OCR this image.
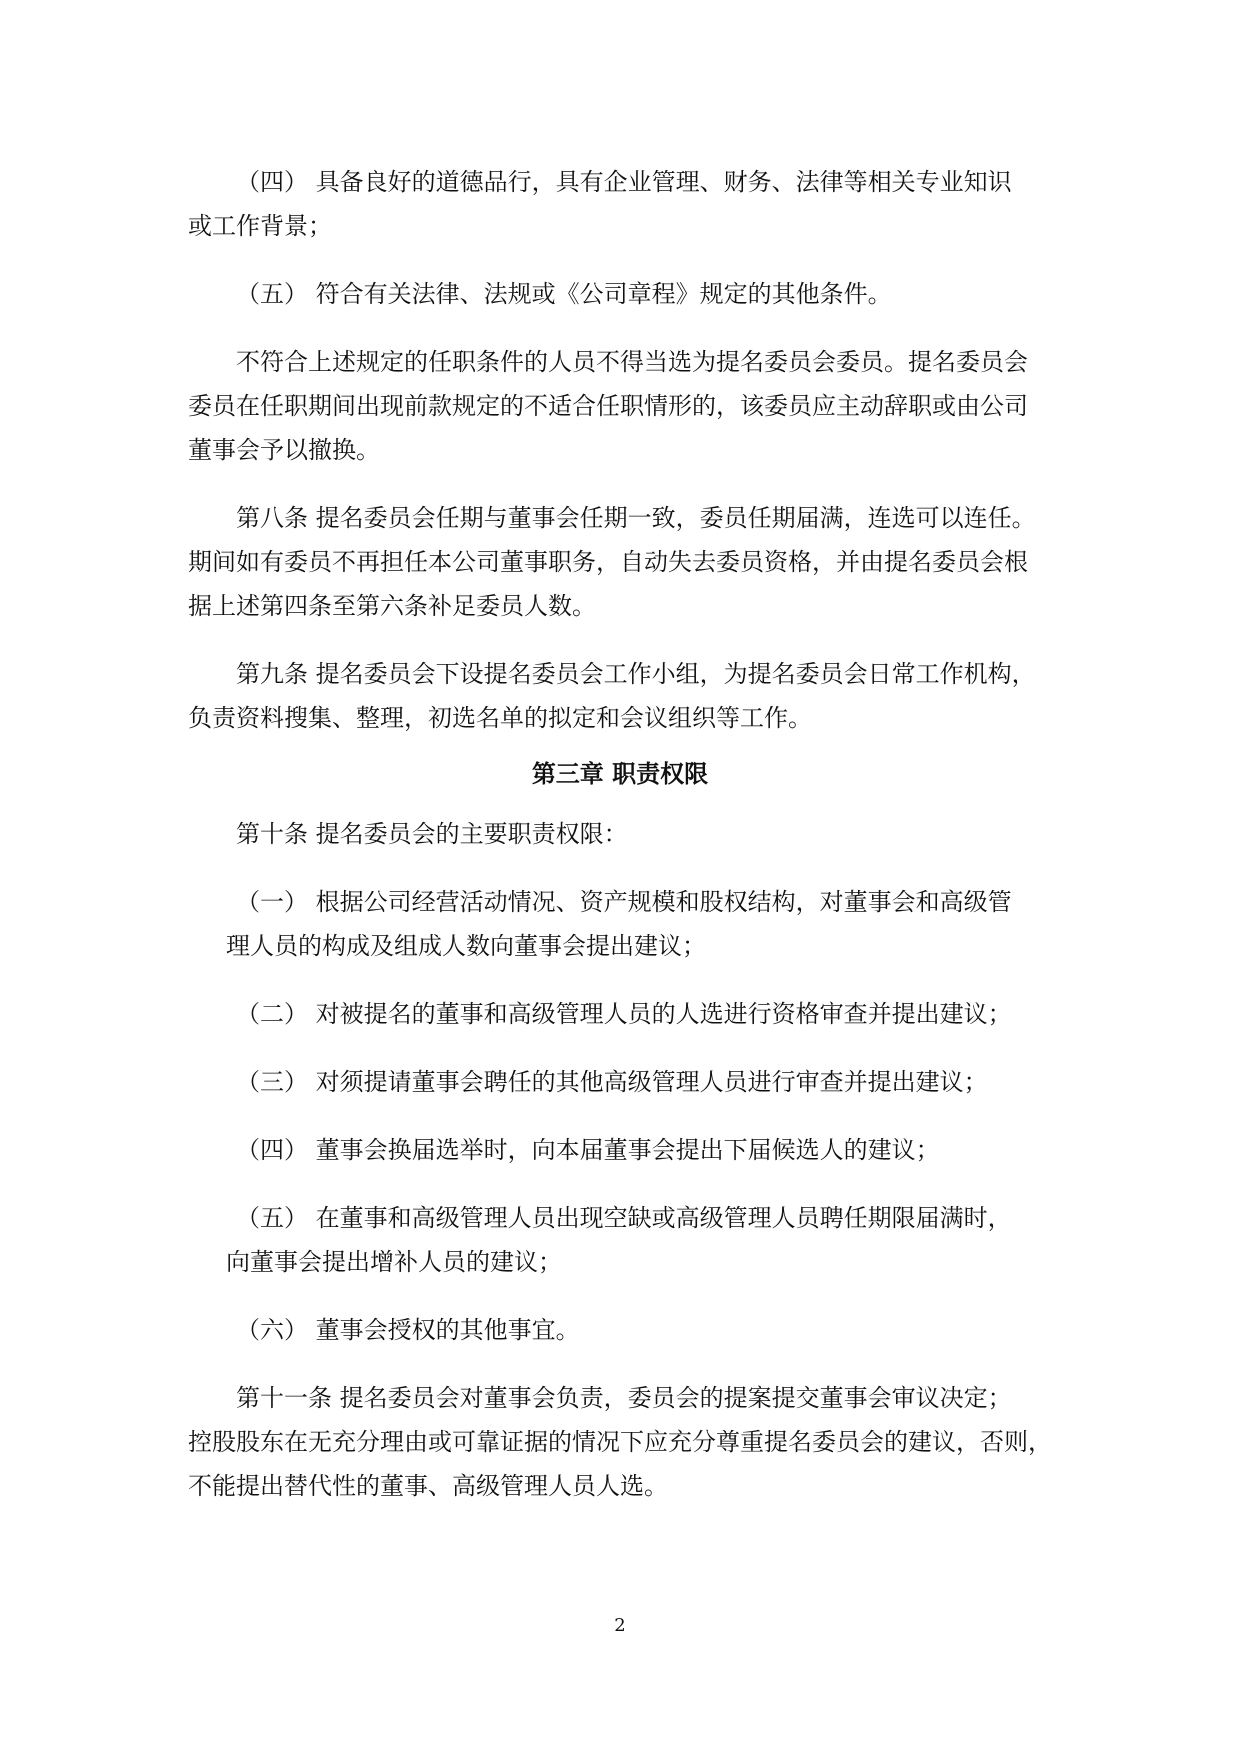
（四） 具备良好的道德品行，具有企业管理、财务、法律等相关专业知识

或工作背景；

（五） 符合有关法律、法规或《公司章程》规定的其他条件。

不符合上述规定的任职条件的人员不得当选为提名委员会委员。提名委员会

委员在任职期间出现前款规定的不适合任职情形的，该委员应主动辞职或由公司

董事会予以撤换。

第八条 提名委员会任期与董事会任期一致，委员任期届满，连选可以连任。

期间如有委员不再担任本公司董事职务，自动失去委员资格，并由提名委员会根

据上述第四条至第六条补足委员人数。

第九条 提名委员会下设提名委员会工作小组，为提名委员会日常工作机构，

负责资料搜集、整理，初选名单的拟定和会议组织等工作。

第三章 职责权限

第十条 提名委员会的主要职责权限：

（一） 根据公司经营活动情况、资产规模和股权结构，对董事会和高级管

理人员的构成及组成人数向董事会提出建议；

（二） 对被提名的董事和高级管理人员的人选进行资格审查并提出建议；

（三） 对须提请董事会聘任的其他高级管理人员进行审查并提出建议；

（四） 董事会换届选举时，向本届董事会提出下届候选人的建议；

（五） 在董事和高级管理人员出现空缺或高级管理人员聘任期限届满时，

向董事会提出增补人员的建议；

（六） 董事会授权的其他事宜。

第十一条 提名委员会对董事会负责，委员会的提案提交董事会审议决定；

控股股东在无充分理由或可靠证据的情况下应充分尊重提名委员会的建议，否则，

不能提出替代性的董事、高级管理人员人选。

2
